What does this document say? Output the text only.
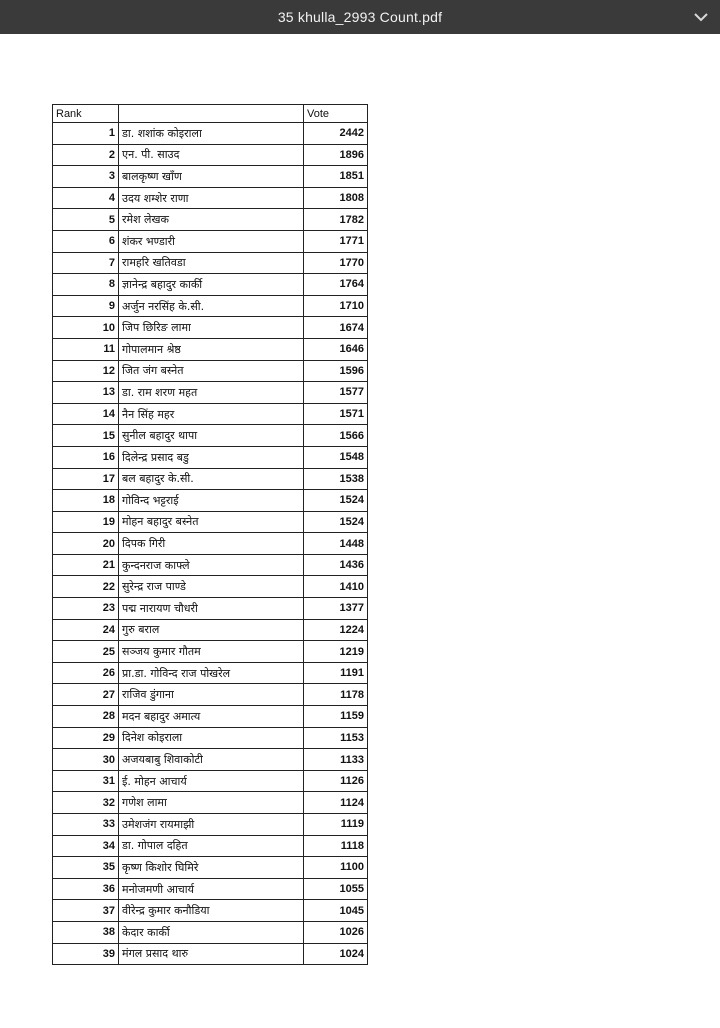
35 khulla_2993 Count.pdf
Rank		Vote
1	डा. शशांक कोइराला	2442
2	एन. पी. साउद	1896
3	बालकृष्ण खाँण	1851
4	उदय शम्शेर राणा	1808
5	रमेश लेखक	1782
6	शंकर भण्डारी	1771
7	रामहरि खतिवडा	1770
8	ज्ञानेन्द्र बहादुर कार्की	1764
9	अर्जुन नरसिंह के.सी.	1710
10	जिप छिरिङ लामा	1674
11	गोपालमान श्रेष्ठ	1646
12	जित जंग बस्नेत	1596
13	डा. राम शरण महत	1577
14	नैन सिंह महर	1571
15	सुनील बहादुर थापा	1566
16	दिलेन्द्र प्रसाद बडु	1548
17	बल बहादुर के.सी.	1538
18	गोविन्द भट्टराई	1524
19	मोहन बहादुर बस्नेत	1524
20	दिपक गिरी	1448
21	कुन्दनराज काफ्ले	1436
22	सुरेन्द्र राज पाण्डे	1410
23	पद्म नारायण चौधरी	1377
24	गुरु बराल	1224
25	सञ्जय कुमार गौतम	1219
26	प्रा.डा. गोविन्द राज पोखरेल	1191
27	राजिव डुंगाना	1178
28	मदन बहादुर अमात्य	1159
29	दिनेश कोइराला	1153
30	अजयबाबु शिवाकोटी	1133
31	ई. मोहन आचार्य	1126
32	गणेश लामा	1124
33	उमेशजंग रायमाझी	1119
34	डा. गोपाल दहित	1118
35	कृष्ण किशोर घिमिरे	1100
36	मनोजमणी आचार्य	1055
37	वीरेन्द्र कुमार कनौडिया	1045
38	केदार कार्की	1026
39	मंगल प्रसाद थारु	1024
